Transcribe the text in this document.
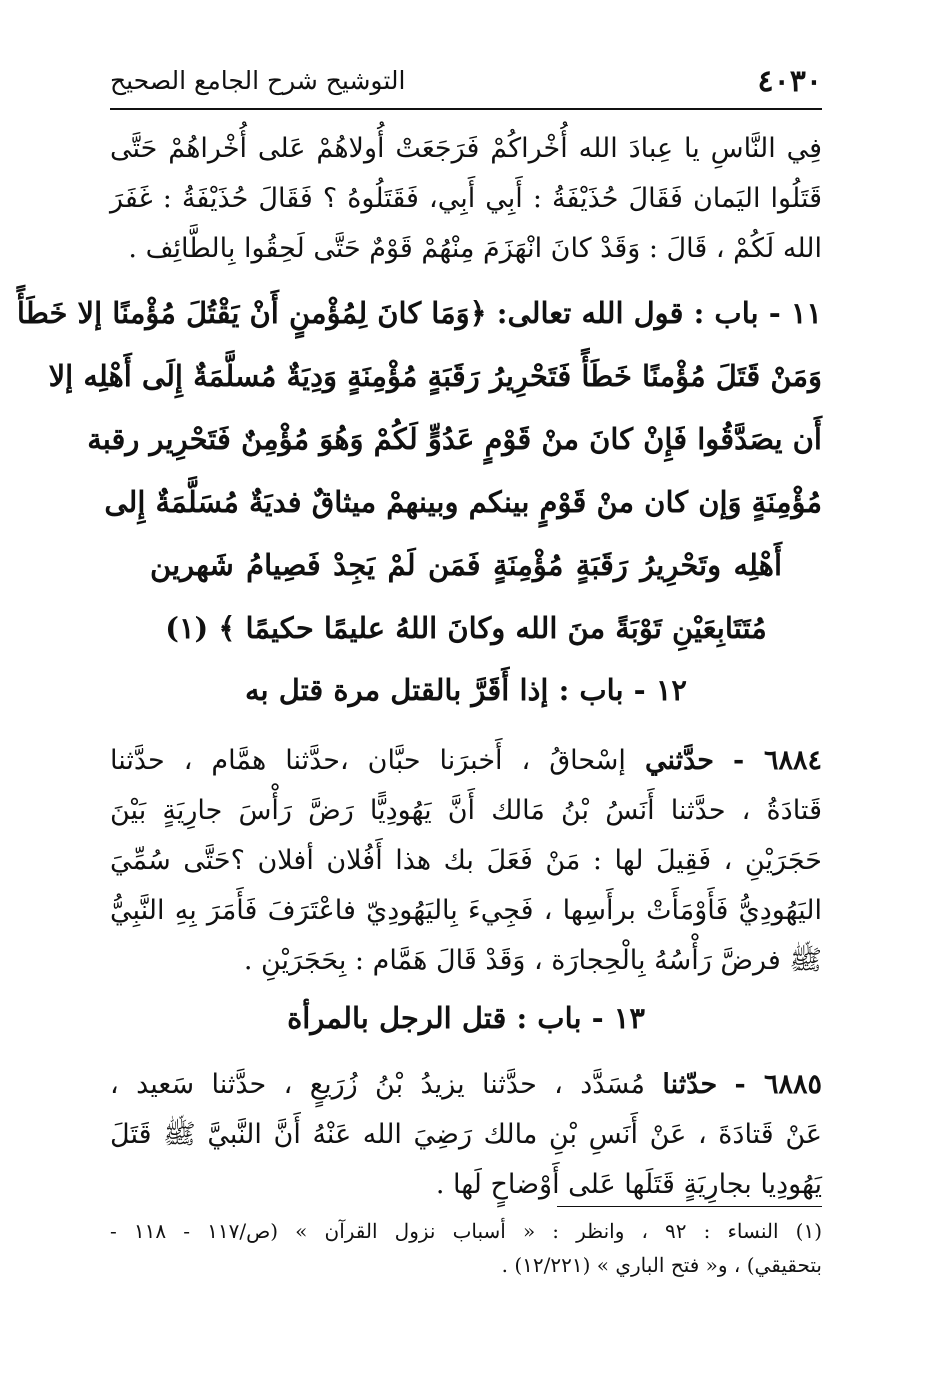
٤٠٣٠
التوشيح شرح الجامع الصحيح
فِي النَّاسِ يا عِبادَ الله أُخْراكُمْ فَرَجَعَتْ أُولاهُمْ عَلى أُخْراهُمْ حَتَّى
قَتَلُوا اليَمان فَقَالَ حُذَيْفَةُ : أَبِي أَبِي، فَقَتَلُوهُ ؟ فَقَالَ حُذَيْفَةُ : غَفَرَ
الله لَكُمْ ، قَالَ : وَقَدْ كانَ انْهَزَمَ مِنْهُمْ قَوْمٌ حَتَّى لَحِقُوا بِالطَّائِف .
١١ - باب : قول الله تعالى: ﴿وَمَا كانَ لِمُؤْمنٍ أَنْ يَقْتُلَ مُؤْمنًا إلا خَطَأً
وَمَنْ قَتَلَ مُؤْمنًا خَطَأً فَتَحْرِيرُ رَقَبَةٍ مُؤْمِنَةٍ وَدِيَةٌ مُسلَّمَةٌ إِلَى أَهْلِه إلا
أَن يصَدَّقُوا فَإِنْ كانَ منْ قَوْمٍ عَدُوٍّ لَكُمْ وَهُوَ مُؤْمِنٌ فَتَحْرِير رقبة
مُؤْمِنَةٍ وَإن كان منْ قَوْمٍ بينكم وبينهمْ ميثاقٌ فديَةٌ مُسَلَّمَةٌ إِلى
أَهْلِه وتَحْرِيرُ رَقَبَةٍ مُؤْمِنَةٍ فَمَن لَمْ يَجِدْ فَصِيامُ شَهرين
مُتَتَابِعَيْنِ تَوْبَةً منَ الله وكانَ اللهُ عليمًا حكيمًا ﴾ (١)
١٢ - باب : إذا أَقَرَّ بالقتل مرة قتل به
٦٨٨٤ - حدَّثني إسْحاقُ ، أَخبرَنا حبَّان ،حدَّثنا همَّام ، حدَّثنا
قَتادَةُ ، حدَّثنا أَنَسُ بْنُ مَالك أَنَّ يَهُودِيًّا رَضَّ رَأْسَ جارِيَةٍ بَيْنَ
حَجَرَيْنِ ، فَقِيلَ لها : مَنْ فَعَلَ بك هذا أَفُلان أفلان ؟حَتَّى سُمِّيَ
اليَهُودِيُّ فَأَوْمَأَتْ برأَسِها ، فَجِيءَ بِاليَهُودِيّ فاعْتَرَفَ فَأَمَرَ بِهِ النَّبِيُّ
ﷺ فرضَّ رَأْسُهُ بِالْحِجارَة ، وَقَدْ قَالَ هَمَّام : بِحَجَرَيْنِ .
١٣ - باب : قتل الرجل بالمرأة
٦٨٨٥ - حدّثنا مُسَدَّد ، حدَّثنا يزيدُ بْنُ زُرَيعٍ ، حدَّثنا سَعيد ،
عَنْ قَتادَةَ ، عَنْ أَنَسِ بْنِ مالك رَضِيَ الله عَنْهُ أَنَّ النَّبيَّ ﷺ قَتَلَ
يَهُودِيا بجارِيَةٍ قَتَلَها عَلى أَوْضاحٍ لَها .
(١) النساء : ٩٢ ، وانظر : « أسباب نزول القرآن » (ص/١١٧ - ١١٨ -
بتحقيقي) ، و« فتح الباري » (١٢/٢٢١) .
